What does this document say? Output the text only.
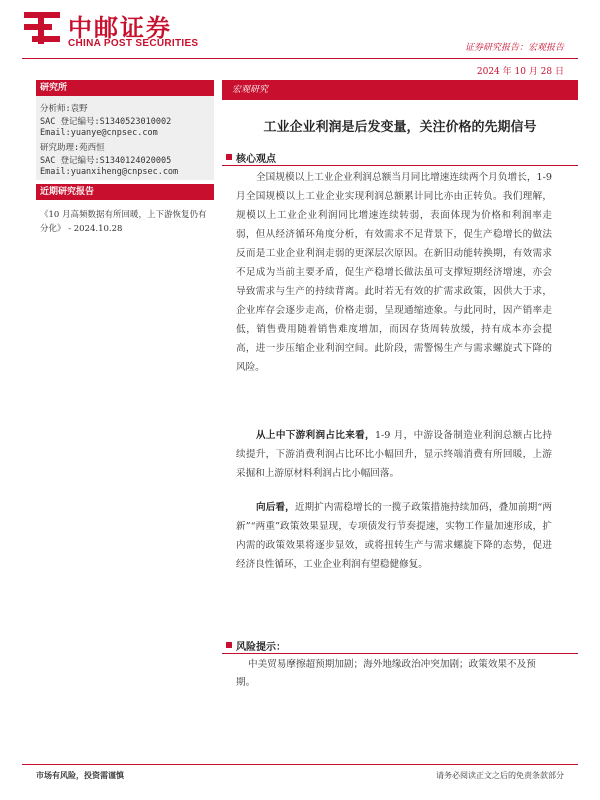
中邮证券
CHINA POST SECURITIES	证券研究报告：宏观报告
2024 年 10 月 28 日
研究所
分析师:袁野
SAC 登记编号:S1340523010002
Email:yuanye@cnpsec.com
研究助理:苑西恒
SAC 登记编号:S1340124020005
Email:yuanxiheng@cnpsec.com
近期研究报告
《10 月高频数据有所回暖，上下游恢复仍有分化》 - 2024.10.28
宏观研究
工业企业利润是后发变量，关注价格的先期信号
核心观点

全国规模以上工业企业利润总额当月同比增速连续两个月负增长，1-9 月全国规模以上工业企业实现利润总额累计同比亦由正转负。我们理解，规模以上工业企业利润同比增速连续转弱，表面体现为价格和利润率走弱，但从经济循环角度分析，有效需求不足背景下，促生产稳增长的做法反而是工业企业利润走弱的更深层次原因。在新旧动能转换期，有效需求不足成为当前主要矛盾，促生产稳增长做法虽可支撑短期经济增速，亦会导致需求与生产的持续背离。此时若无有效的扩需求政策，因供大于求，企业库存会逐步走高，价格走弱，呈现通缩迹象。与此同时，因产销率走低，销售费用随着销售难度增加，而因存货周转放缓，持有成本亦会提高，进一步压缩企业利润空间。此阶段，需警惕生产与需求螺旋式下降的风险。

从上中下游利润占比来看，1-9 月，中游设备制造业利润总额占比持续提升，下游消费利润占比环比小幅回升，显示终端消费有所回暖，上游采掘和上游原材料利润占比小幅回落。

向后看，近期扩内需稳增长的一揽子政策措施持续加码，叠加前期“两新”“两重”政策效果显现，专项债发行节奏提速，实物工作量加速形成，扩内需的政策效果将逐步显效，或将扭转生产与需求螺旋下降的态势，促进经济良性循环，工业企业利润有望稳健修复。

风险提示：

中美贸易摩擦超预期加剧；海外地缘政治冲突加剧；政策效果不及预期。

市场有风险，投资需谨慎	请务必阅读正文之后的免责条款部分
